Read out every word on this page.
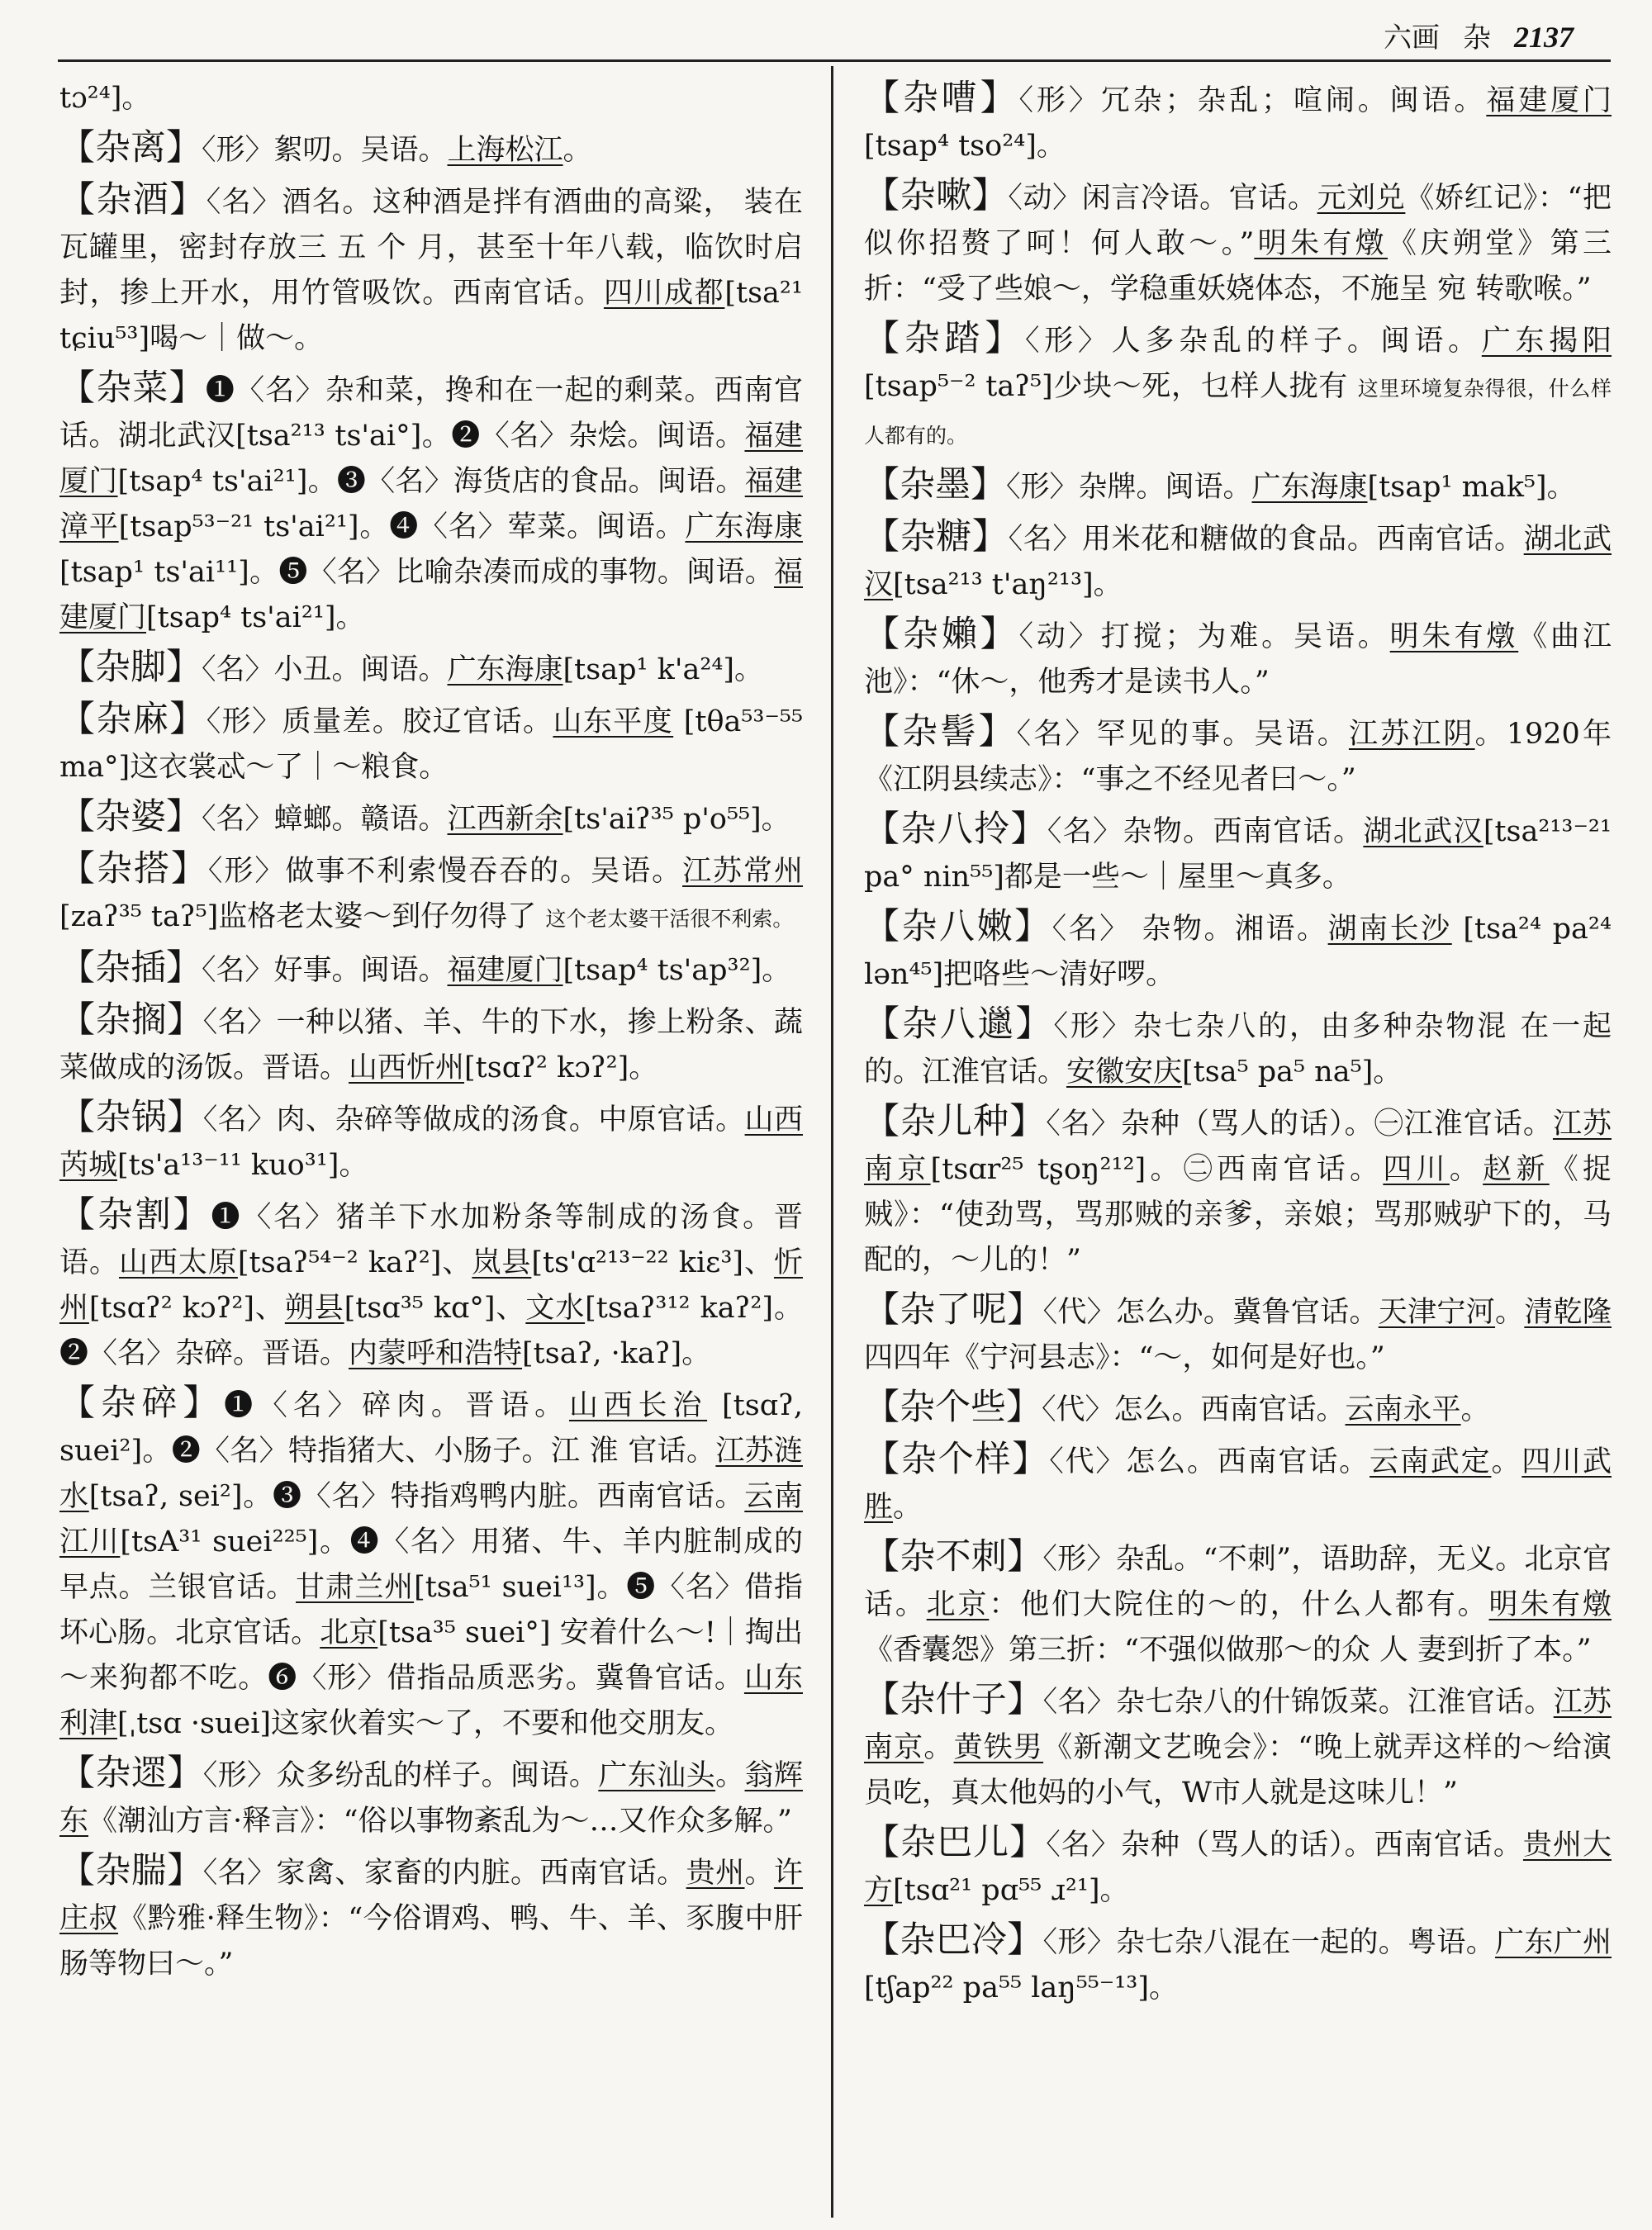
六画 杂 2137

tɔ²⁴]。

【杂离】〈形〉絮叨。吴语。上海松江。

【杂酒】〈名〉酒名。这种酒是拌有酒曲的高粱， 装在瓦罐里，密封存放三 五 个 月，甚至十年八载，临饮时启封，掺上开水，用竹管吸饮。西南官话。四川成都[tsa²¹ tɕiu⁵³]喝～｜做～。

【杂菜】❶〈名〉杂和菜，搀和在一起的剩菜。西南官话。湖北武汉[tsa²¹³ ts'ai°]。❷〈名〉杂烩。闽语。福建厦门[tsap⁴ ts'ai²¹]。❸〈名〉海货店的食品。闽语。福建漳平[tsap⁵³⁻²¹ ts'ai²¹]。❹〈名〉荤菜。闽语。广东海康[tsap¹ ts'ai¹¹]。❺〈名〉比喻杂凑而成的事物。闽语。福建厦门[tsap⁴ ts'ai²¹]。

【杂脚】〈名〉小丑。闽语。广东海康[tsap¹ k'a²⁴]。

【杂麻】〈形〉质量差。胶辽官话。山东平度 [tθa⁵³⁻⁵⁵ ma°]这衣裳忒～了｜～粮食。

【杂婆】〈名〉蟑螂。赣语。江西新余[ts'aiʔ³⁵ p'o⁵⁵]。

【杂搭】〈形〉做事不利索慢吞吞的。吴语。江苏常州[zaʔ³⁵ taʔ⁵]监格老太婆～到仔勿得了 这个老太婆干活很不利索。

【杂插】〈名〉好事。闽语。福建厦门[tsap⁴ ts'ap³²]。

【杂搁】〈名〉一种以猪、羊、牛的下水，掺上粉条、蔬菜做成的汤饭。晋语。山西忻州[tsɑʔ² kɔʔ²]。

【杂锅】〈名〉肉、杂碎等做成的汤食。中原官话。山西芮城[ts'a¹³⁻¹¹ kuo³¹]。

【杂割】❶〈名〉猪羊下水加粉条等制成的汤食。晋语。山西太原[tsaʔ⁵⁴⁻² kaʔ²]、岚县[ts'ɑ²¹³⁻²² kiɛ³]、忻州[tsɑʔ² kɔʔ²]、朔县[tsɑ³⁵ kɑ°]、文水[tsaʔ³¹² kaʔ²]。❷〈名〉杂碎。晋语。内蒙呼和浩特[tsaʔ, ·kaʔ]。

【杂碎】❶〈名〉碎肉。晋语。山西长治 [tsɑʔ, suei²]。❷〈名〉特指猪大、小肠子。江 淮 官话。江苏涟水[tsaʔ, sei²]。❸〈名〉特指鸡鸭内脏。西南官话。云南江川[tsA³¹ suei²²⁵]。❹〈名〉用猪、牛、羊内脏制成的早点。兰银官话。甘肃兰州[tsa⁵¹ suei¹³]。❺〈名〉借指坏心肠。北京官话。北京[tsa³⁵ suei°] 安着什么～!｜掏出～来狗都不吃。❻〈形〉借指品质恶劣。冀鲁官话。山东利津[ˌtsɑ ·suei]这家伙着实～了，不要和他交朋友。

【杂遝】〈形〉众多纷乱的样子。闽语。广东汕头。翁辉东《潮汕方言·释言》：“俗以事物紊乱为～…又作众多解。”

【杂腨】〈名〉家禽、家畜的内脏。西南官话。贵州。许庄叔《黔雅·释生物》：“今俗谓鸡、鸭、牛、羊、豕腹中肝肠等物曰～。”

【杂嘈】〈形〉冗杂；杂乱；喧闹。闽语。福建厦门[tsap⁴ tso²⁴]。

【杂嗽】〈动〉闲言冷语。官话。元刘兑《娇红记》：“把似你招赘了呵！何人敢～。”明朱有燉《庆朔堂》第三折：“受了些娘～，学稳重妖娆体态，不施呈 宛 转歌喉。”

【杂踏】〈形〉人多杂乱的样子。闽语。广东揭阳[tsap⁵⁻² taʔ⁵]少块～死，乜样人拢有 这里环境复杂得很，什么样人都有的。

【杂墨】〈形〉杂牌。闽语。广东海康[tsap¹ mak⁵]。

【杂糖】〈名〉用米花和糖做的食品。西南官话。湖北武汉[tsa²¹³ t'aŋ²¹³]。

【杂嬾】〈动〉打搅；为难。吴语。明朱有燉《曲江池》：“休～，他秀才是读书人。”

【杂髻】〈名〉罕见的事。吴语。江苏江阴。1920年《江阴县续志》：“事之不经见者曰～。”

【杂八拎】〈名〉杂物。西南官话。湖北武汉[tsa²¹³⁻²¹ pa° nin⁵⁵]都是一些～｜屋里～真多。

【杂八嫩】〈名〉 杂物。湘语。湖南长沙 [tsa²⁴ pa²⁴ lən⁴⁵]把咯些～清好啰。

【杂八邋】〈形〉杂七杂八的，由多种杂物混 在一起的。江淮官话。安徽安庆[tsa⁵ pa⁵ na⁵]。

【杂儿种】〈名〉杂种（骂人的话）。㊀江淮官话。江苏南京[tsɑr²⁵ tʂoŋ²¹²]。㊁西南官话。四川。赵新《捉贼》：“使劲骂，骂那贼的亲爹，亲娘；骂那贼驴下的，马配的，～儿的！”

【杂了呢】〈代〉怎么办。冀鲁官话。天津宁河。清乾隆四四年《宁河县志》：“～，如何是好也。”

【杂个些】〈代〉怎么。西南官话。云南永平。

【杂个样】〈代〉怎么。西南官话。云南武定。四川武胜。

【杂不刺】〈形〉杂乱。“不刺”，语助辞，无义。北京官话。北京：他们大院住的～的，什么人都有。明朱有燉《香囊怨》第三折：“不强似做那～的众 人 妻到折了本。”

【杂什子】〈名〉杂七杂八的什锦饭菜。江淮官话。江苏南京。黄铁男《新潮文艺晚会》：“晚上就弄这样的～给演员吃，真太他妈的小气，W市人就是这味儿！”

【杂巴儿】〈名〉杂种（骂人的话）。西南官话。贵州大方[tsɑ²¹ pɑ⁵⁵ ɹ²¹]。

【杂巴冷】〈形〉杂七杂八混在一起的。粤语。广东广州[tʃap²² pa⁵⁵ laŋ⁵⁵⁻¹³]。
